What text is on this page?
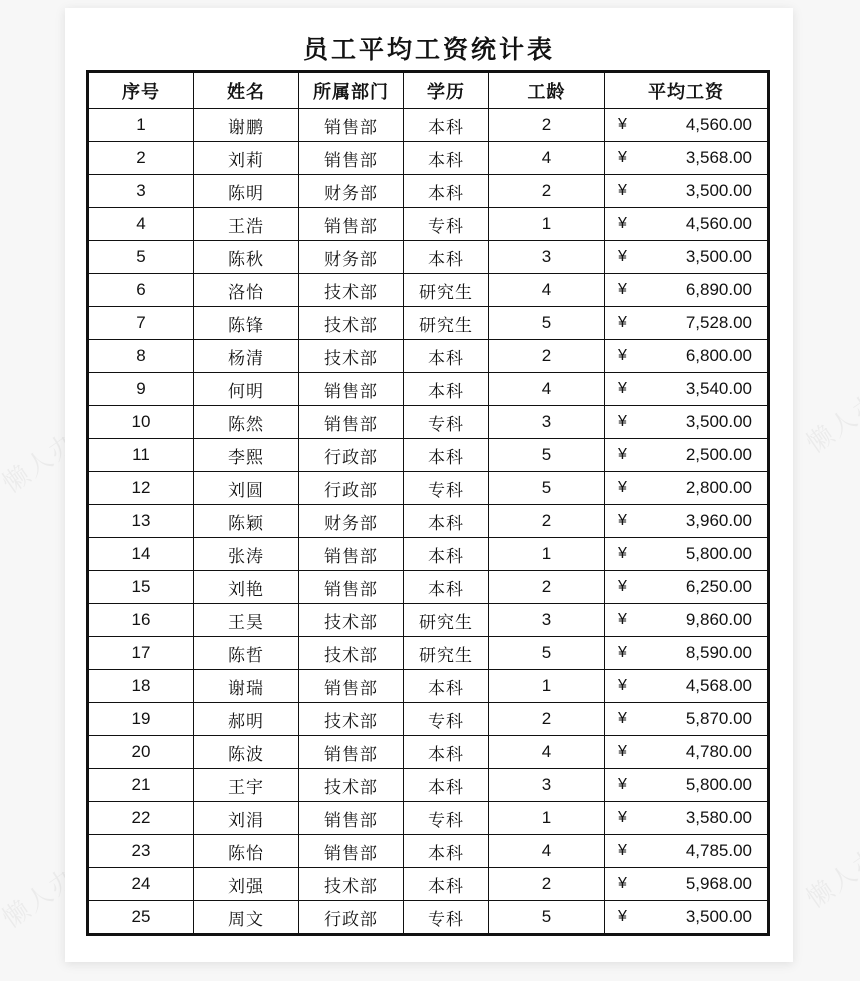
员工平均工资统计表
序号	姓名	所属部门	学历	工龄	平均工资
1	谢鹏	销售部	本科	2	¥ 4,560.00

2	刘莉	销售部	本科	4	¥ 3,568.00

3	陈明	财务部	本科	2	¥ 3,500.00

4	王浩	销售部	专科	1	¥ 4,560.00

5	陈秋	财务部	本科	3	¥ 3,500.00

6	洛怡	技术部	研究生	4	¥ 6,890.00

7	陈锋	技术部	研究生	5	¥ 7,528.00

8	杨清	技术部	本科	2	¥ 6,800.00

9	何明	销售部	本科	4	¥ 3,540.00

10	陈然	销售部	专科	3	¥ 3,500.00

11	李熙	行政部	本科	5	¥ 2,500.00

12	刘圆	行政部	专科	5	¥ 2,800.00

13	陈颖	财务部	本科	2	¥ 3,960.00

14	张涛	销售部	本科	1	¥ 5,800.00

15	刘艳	销售部	本科	2	¥ 6,250.00

16	王昊	技术部	研究生	3	¥ 9,860.00

17	陈哲	技术部	研究生	5	¥ 8,590.00

18	谢瑞	销售部	本科	1	¥ 4,568.00

19	郝明	技术部	专科	2	¥ 5,870.00

20	陈波	销售部	本科	4	¥ 4,780.00

21	王宇	技术部	本科	3	¥ 5,800.00

22	刘涓	销售部	专科	1	¥ 3,580.00

23	陈怡	销售部	本科	4	¥ 4,785.00

24	刘强	技术部	本科	2	¥ 5,968.00

25	周文	行政部	专科	5	¥ 3,500.00
